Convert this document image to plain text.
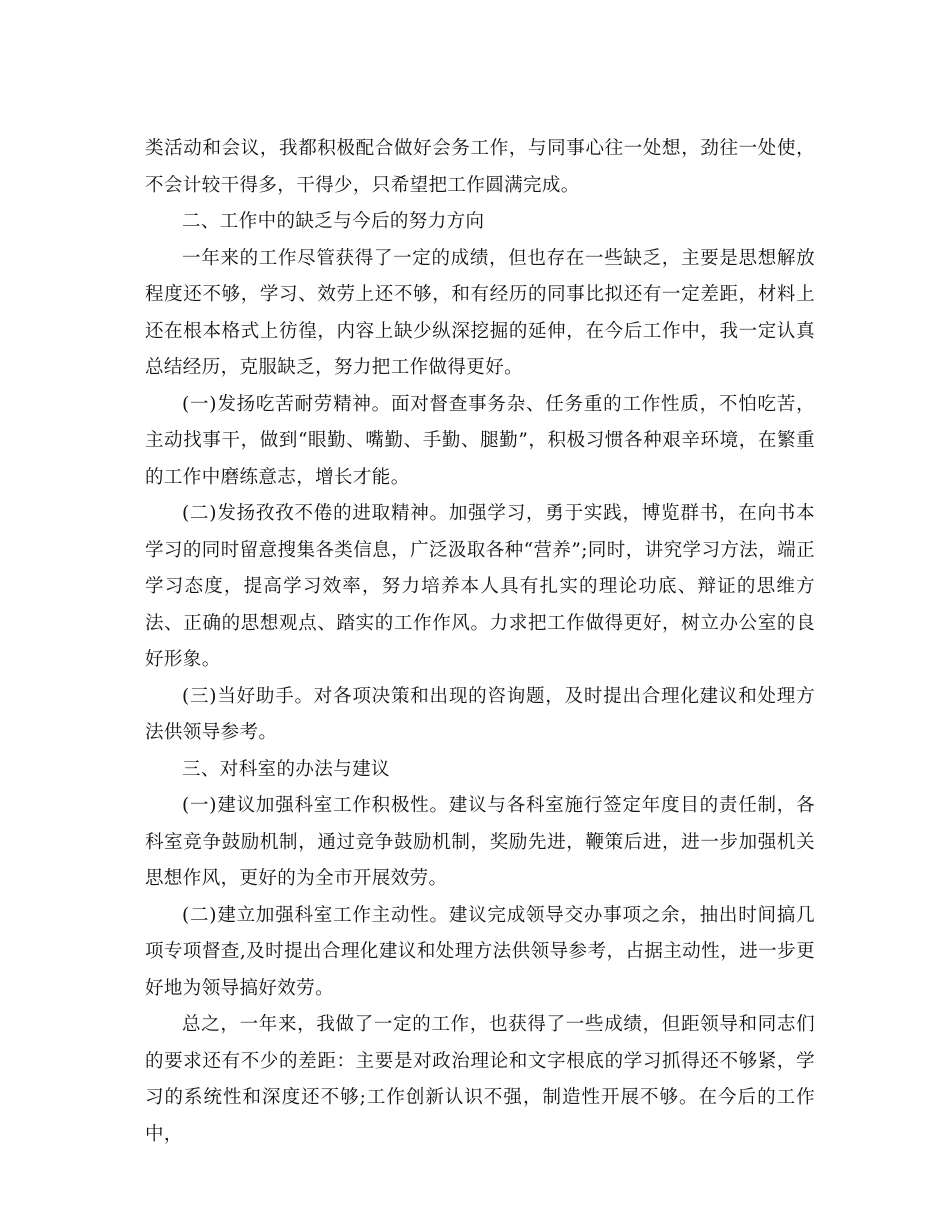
类活动和会议，我都积极配合做好会务工作，与同事心往一处想，劲往一处使，不会计较干得多，干得少，只希望把工作圆满完成。

二、工作中的缺乏与今后的努力方向

一年来的工作尽管获得了一定的成绩，但也存在一些缺乏，主要是思想解放程度还不够，学习、效劳上还不够，和有经历的同事比拟还有一定差距，材料上还在根本格式上彷徨，内容上缺少纵深挖掘的延伸，在今后工作中，我一定认真总结经历，克服缺乏，努力把工作做得更好。

(一)发扬吃苦耐劳精神。面对督查事务杂、任务重的工作性质，不怕吃苦，主动找事干，做到“眼勤、嘴勤、手勤、腿勤”，积极习惯各种艰辛环境，在繁重的工作中磨练意志，增长才能。

(二)发扬孜孜不倦的进取精神。加强学习，勇于实践，博览群书，在向书本学习的同时留意搜集各类信息，广泛汲取各种“营养”;同时，讲究学习方法，端正学习态度，提高学习效率，努力培养本人具有扎实的理论功底、辩证的思维方法、正确的思想观点、踏实的工作作风。力求把工作做得更好，树立办公室的良好形象。

(三)当好助手。对各项决策和出现的咨询题，及时提出合理化建议和处理方法供领导参考。

三、对科室的办法与建议

(一)建议加强科室工作积极性。建议与各科室施行签定年度目的责任制，各科室竞争鼓励机制，通过竞争鼓励机制，奖励先进，鞭策后进，进一步加强机关思想作风，更好的为全市开展效劳。

(二)建立加强科室工作主动性。建议完成领导交办事项之余，抽出时间搞几项专项督查,及时提出合理化建议和处理方法供领导参考，占据主动性，进一步更好地为领导搞好效劳。

总之，一年来，我做了一定的工作，也获得了一些成绩，但距领导和同志们的要求还有不少的差距：主要是对政治理论和文字根底的学习抓得还不够紧，学习的系统性和深度还不够;工作创新认识不强，制造性开展不够。在今后的工作中，
